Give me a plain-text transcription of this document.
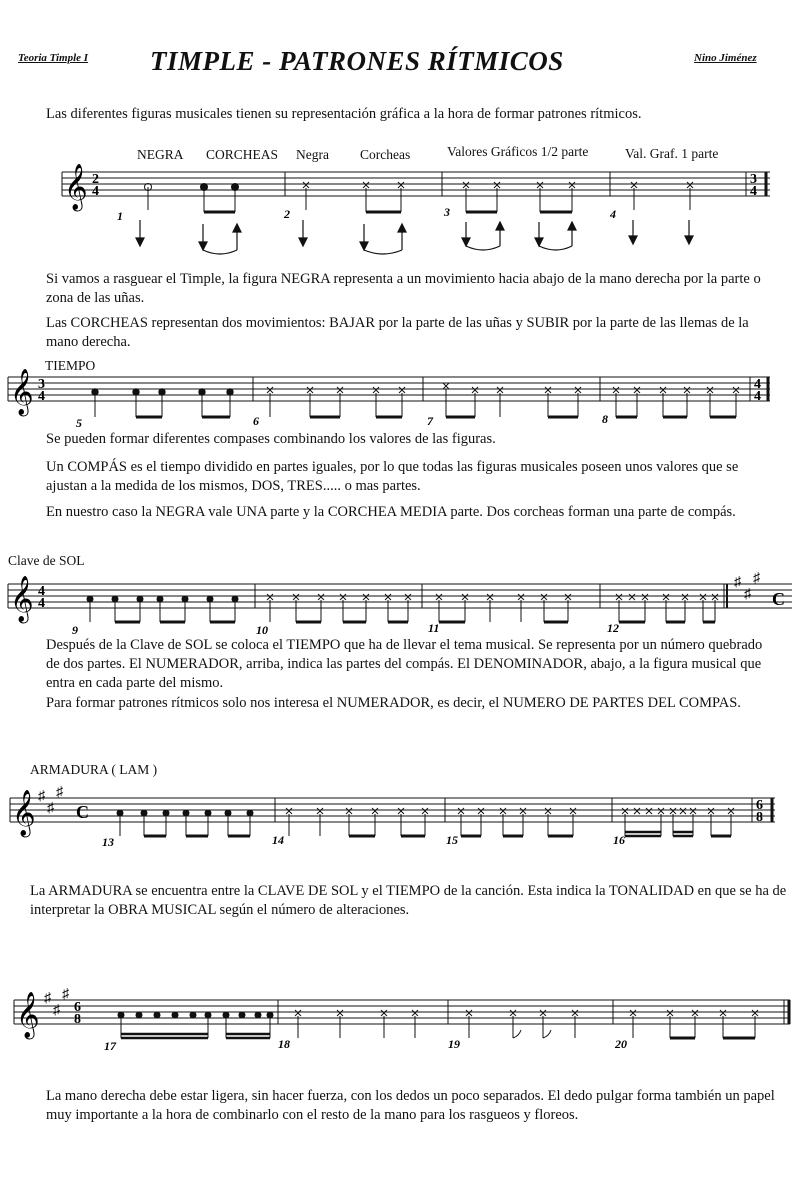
Teoria Timple I TIMPLE - PATRONES RÍTMICOS	Nino Jiménez
Las diferentes figuras musicales tienen su representación gráfica a la hora de formar patrones rítmicos.
NEGRA CORCHEAS Negra Corcheas	Valores Gráficos 1/2 parte	Val. Graf. 1 parte
𝄞 2
4
3
4
1	2	3	4
Si vamos a rasguear el Timple, la figura NEGRA representa a un movimiento hacia abajo de la mano derecha por la parte o zona de las uñas.
Las CORCHEAS representan dos movimientos: BAJAR por la parte de las uñas y SUBIR por la parte de las llemas de la mano derecha.
TIEMPO
𝄞 3
4
4
4
5	6	7	8
Se pueden formar diferentes compases combinando los valores de las figuras.
Un COMPÁS es el tiempo dividido en partes iguales, por lo que todas las figuras musicales poseen unos valores que se ajustan a la medida de los mismos, DOS, TRES..... o mas partes.
En nuestro caso la NEGRA vale UNA parte y la CORCHEA MEDIA parte. Dos corcheas forman una parte de compás.
Clave de SOL
𝄞 4
4
♯
♯
♯
C
9	10	11	12
Después de la Clave de SOL se coloca el TIEMPO que ha de llevar el tema musical. Se representa por un número quebrado de dos partes. El NUMERADOR, arriba, indica las partes del compás. El DENOMINADOR, abajo, a la figura musical que entra en cada parte del mismo.
Para formar patrones rítmicos solo nos interesa el NUMERADOR, es decir, el NUMERO DE PARTES DEL COMPAS.
ARMADURA ( LAM )
𝄞 ♯
♯
♯
C	6
8
13	14	15	16
La ARMADURA se encuentra entre la CLAVE DE SOL y el TIEMPO de la canción. Esta indica la TONALIDAD en que se ha de interpretar la OBRA MUSICAL según el número de alteraciones.
𝄞 ♯
♯
♯
6
8
17	18	19	20
La mano derecha debe estar ligera, sin hacer fuerza, con los dedos un poco separados. El dedo pulgar forma también un papel muy importante a la hora de combinarlo con el resto de la mano para los rasgueos y floreos.
